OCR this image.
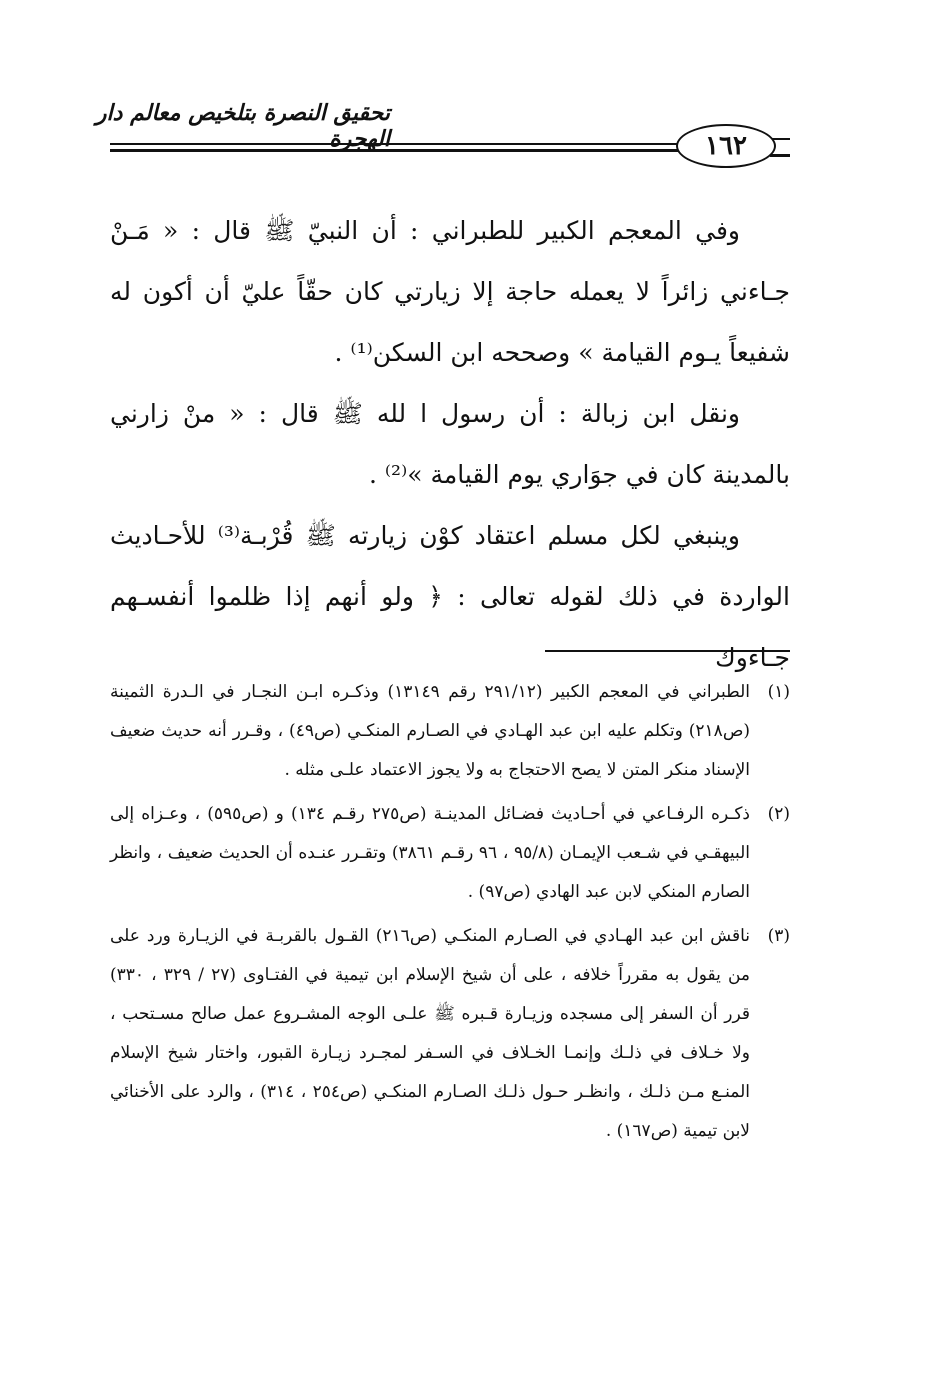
تحقيق النصرة بتلخيص معالم دار الهجرة	١٦٢

وفي المعجم الكبير للطبراني : أن النبيّ ﷺ قال : « مَـنْ جـاءني زائراً لا يعمله حاجة إلا زيارتي كان حقّاً عليّ أن أكون له شفيعاً يـوم القيامة » وصححه ابن السكن⁽¹⁾ .

ونقل ابن زبالة : أن رسول ا لله ﷺ قال : « منْ زارني بالمدينة كان في جوَاري يوم القيامة »⁽²⁾ .

وينبغي لكل مسلم اعتقاد كوْن زيارته ﷺ قُرْبـة⁽³⁾ للأحـاديث الواردة في ذلك لقوله تعالى : ﴿ ولو أنهم إذا ظلموا أنفسـهم جـاءوك

(١)
الطبراني في المعجم الكبير (٢٩١/١٢ رقم ١٣١٤٩) وذكـره ابـن النجـار في الـدرة الثمينة (ص٢١٨) وتكلم عليه ابن عبد الهـادي في الصـارم المنكـي (ص٤٩) ، وقـرر أنه حديث ضعيف الإسناد منكر المتن لا يصح الاحتجاج به ولا يجوز الاعتماد علـى مثله .
(٢)
ذكـره الرفـاعي في أحـاديث فضـائل المدينـة (ص٢٧٥ رقـم ١٣٤) و (ص٥٩٥) ، وعـزاه إلى البيهقـي في شـعب الإيمـان (٩٥/٨ ، ٩٦ رقـم ٣٨٦١) وتقـرر عنـده أن الحديث ضعيف ، وانظر الصارم المنكي لابن عبد الهادي (ص٩٧) .
(٣)
ناقش ابن عبد الهـادي في الصـارم المنكـي (ص٢١٦) القـول بالقربـة في الزيـارة ورد على من يقول به مقرراً خلافه ، على أن شيخ الإسلام ابن تيمية في الفتـاوى (٢٧ / ٣٢٩ ، ٣٣٠) قرر أن السفر إلى مسجده وزيـارة قـبره ﷺ علـى الوجه المشـروع عمل صالح مسـتحب ، ولا خـلاف في ذلـك وإنمـا الخـلاف في السـفر لمجـرد زيـارة القبور، واختار شيخ الإسلام المنـع مـن ذلـك ، وانظـر حـول ذلـك الصـارم المنكـي (ص٢٥٤ ، ٣١٤) ، والرد على الأخنائي لابن تيمية (ص١٦٧) .
